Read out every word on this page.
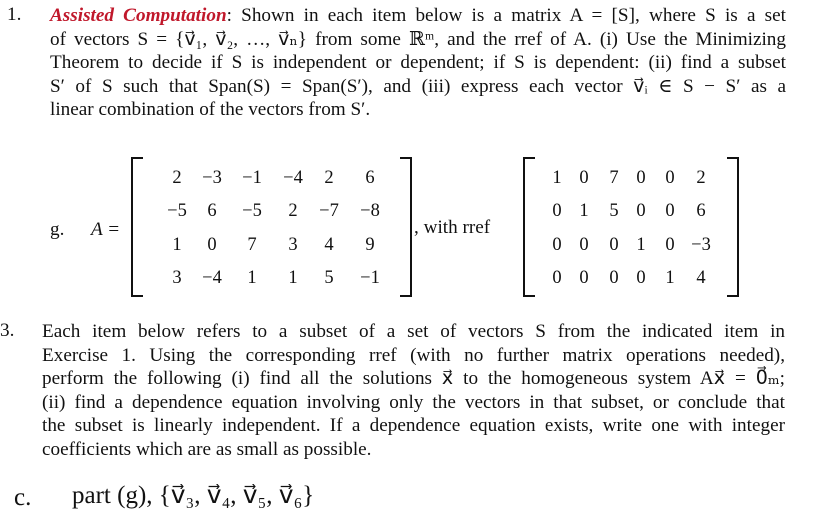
1. Assisted Computation: Shown in each item below is a matrix A = [S], where S is a set
of vectors S = {v⃗₁, v⃗₂, …, v⃗ₙ} from some ℝᵐ, and the rref of A. (i) Use the Minimizing
Theorem to decide if S is independent or dependent; if S is dependent: (ii) find a subset
S′ of S such that Span(S) = Span(S′), and (iii) express each vector v⃗ᵢ ∈ S − S′ as a
linear combination of the vectors from S′.
g. A =
2	−3 −1 −4	2	6
−5	6	−5	2	−7 −8
1	0	7	3	4	9
3	−4	1	1	5	−1
, with rref
1 0	7 0	0	2
0 1	5 0	0	6
0 0	0 1	0 −3
0 0	0 0	1	4
3. Each item below refers to a subset of a set of vectors S from the indicated item in
Exercise 1. Using the corresponding rref (with no further matrix operations needed),
perform the following (i) find all the solutions x⃗ to the homogeneous system Ax⃗ = 0⃗ₘ;
(ii) find a dependence equation involving only the vectors in that subset, or conclude that
the subset is linearly independent. If a dependence equation exists, write one with integer
coefficients which are as small as possible.
c. part (g), {v⃗₃, v⃗₄, v⃗₅, v⃗₆}
